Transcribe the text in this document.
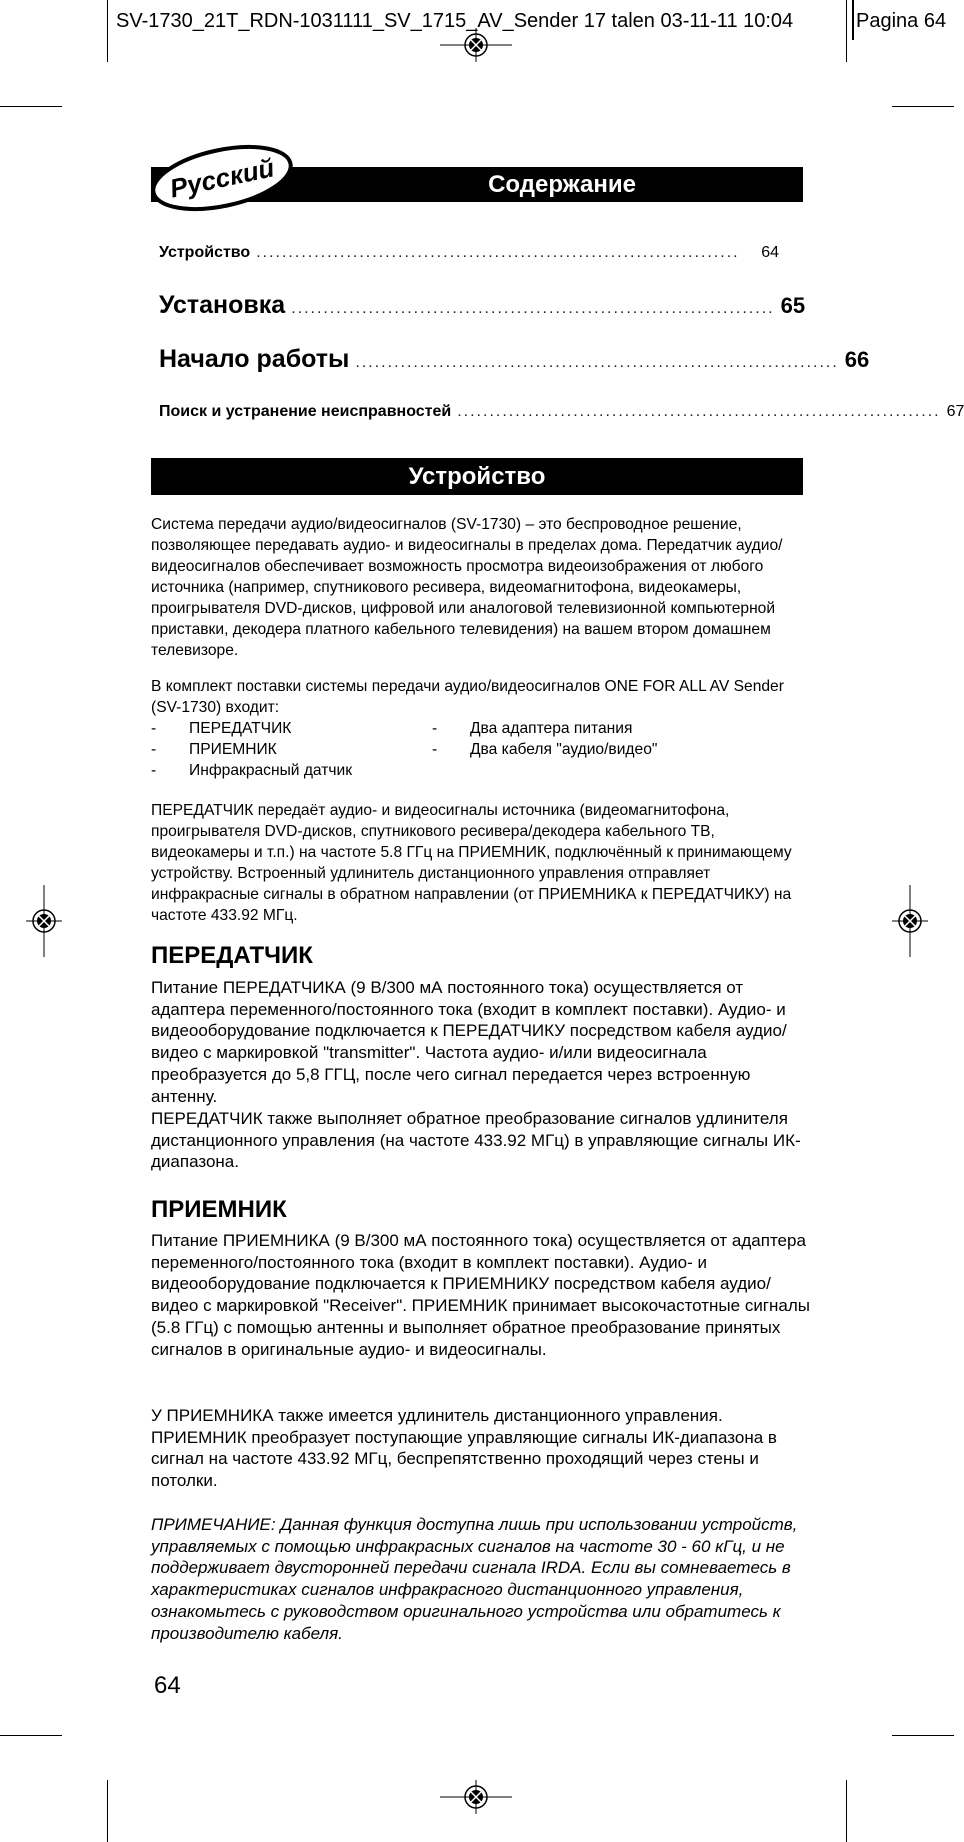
SV-1730_21T_RDN-1031111_SV_1715_AV_Sender 17 talen 03-11-11 10:04	Pagina 64
Содержание
Русский
Устройство ...........................................................................	64
Установка ........................................................................... 65
Начало работы ........................................................................... 66
Поиск и устранение неисправностей ........................................................................... 67
Устройство

Система передачи аудио/видеосигналов (SV-1730) – это беспроводное решение, позволяющее передавать аудио- и видеосигналы в пределах дома. Передатчик аудио/видеосигналов обеспечивает возможность просмотра видеоизображения от любого источника (например, спутникового ресивера, видеомагнитофона, видеокамеры, проигрывателя DVD-дисков, цифровой или аналоговой телевизионной компьютерной приставки, декодера платного кабельного телевидения) на вашем втором домашнем телевизоре.

В комплект поставки системы передачи аудио/видеосигналов ONE FOR ALL AV Sender (SV-1730) входит:

- ПЕРЕДАТЧИК
- ПРИЕМНИК
- Инфракрасный датчик
- Два адаптера питания
- Два кабеля "аудио/видео"

ПЕРЕДАТЧИК передаёт аудио- и видеосигналы источника (видеомагнитофона, проигрывателя DVD-дисков, спутникового ресивера/декодера кабельного ТВ, видеокамеры и т.п.) на частоте 5.8 ГГц на ПРИЕМНИК, подключённый к принимающему устройству. Встроенный удлинитель дистанционного управления отправляет инфракрасные сигналы в обратном направлении (от ПРИЕМНИКА к ПЕРЕДАТЧИКУ) на частоте 433.92 МГц.

ПЕРЕДАТЧИК

Питание ПЕРЕДАТЧИКА (9 В/300 мА постоянного тока) осуществляется от адаптера переменного/постоянного тока (входит в комплект поставки). Аудио- и видеооборудование подключается к ПЕРЕДАТЧИКУ посредством кабеля аудио/видео с маркировкой "transmitter". Частота аудио- и/или видеосигнала преобразуется до 5,8 ГГЦ, после чего сигнал передается через встроенную антенну.

ПЕРЕДАТЧИК также выполняет обратное преобразование сигналов удлинителя дистанционного управления (на частоте 433.92 МГц) в управляющие сигналы ИК-диапазона.

ПРИЕМНИК

Питание ПРИЕМНИКА (9 В/300 мА постоянного тока) осуществляется от адаптера переменного/постоянного тока (входит в комплект поставки). Аудио- и видеооборудование подключается к ПРИЕМНИКУ посредством кабеля аудио/видео с маркировкой "Receiver". ПРИЕМНИК принимает высокочастотные сигналы (5.8 ГГц) с помощью антенны и выполняет обратное преобразование принятых сигналов в оригинальные аудио- и видеосигналы.

У ПРИЕМНИКА также имеется удлинитель дистанционного управления. ПРИЕМНИК преобразует поступающие управляющие сигналы ИК-диапазона в сигнал на частоте 433.92 МГц, беспрепятственно проходящий через стены и потолки.

ПРИМЕЧАНИЕ: Данная функция доступна лишь при использовании устройств, управляемых с помощью инфракрасных сигналов на частоте 30 - 60 кГц, и не поддерживает двусторонней передачи сигнала IRDA. Если вы сомневаетесь в характеристиках сигналов инфракрасного дистанционного управления, ознакомьтесь с руководством оригинального устройства или обратитесь к производителю кабеля.

64
